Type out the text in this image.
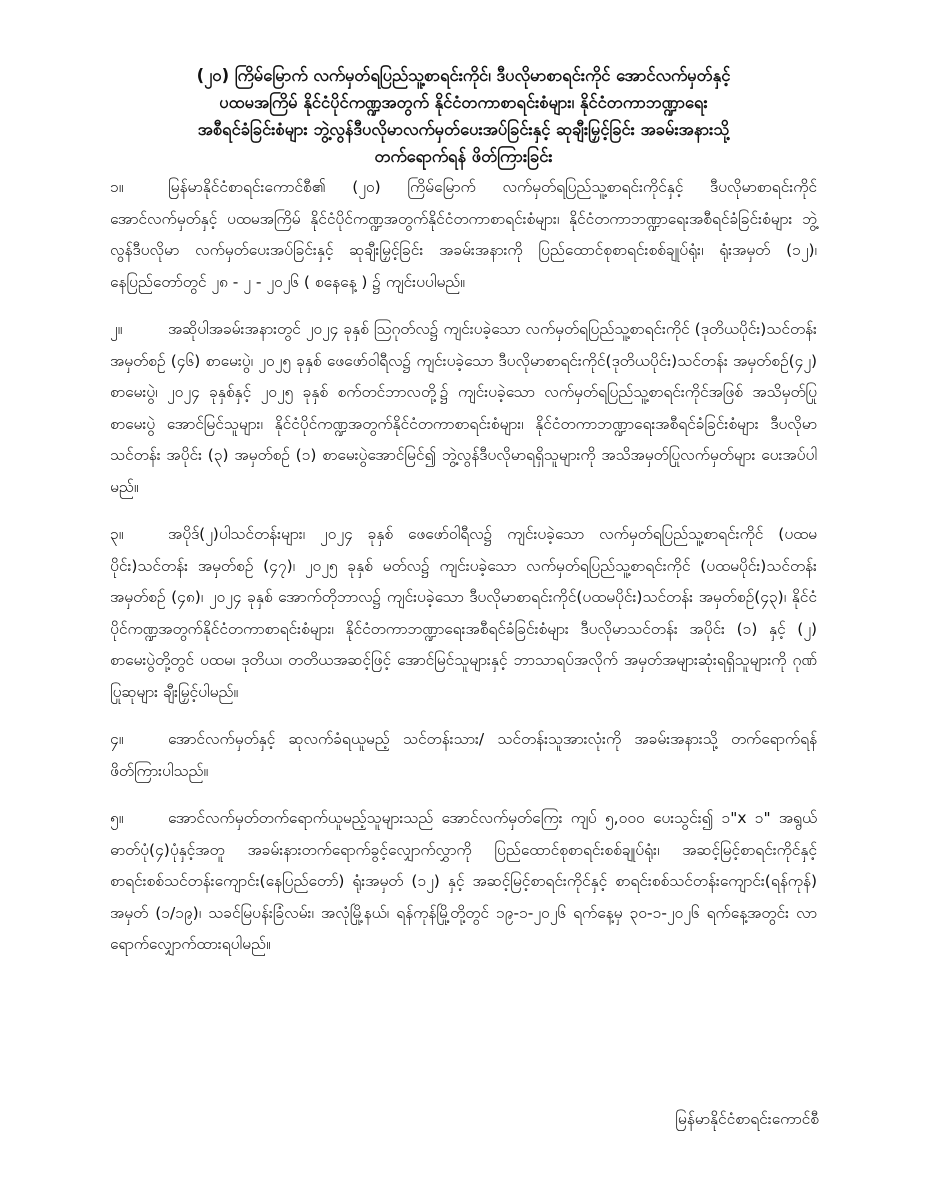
(၂၀) ကြိမ်မြောက် လက်မှတ်ရပြည်သူ့စာရင်းကိုင်၊ ဒီပလိုမာစာရင်းကိုင် အောင်လက်မှတ်နှင့်
ပထမအကြိမ် နိုင်ငံပိုင်ကဏ္ဍအတွက် နိုင်ငံတကာစာရင်းစံများ၊ နိုင်ငံတကာဘဏ္ဍာရေး
အစီရင်ခံခြင်းစံများ ဘွဲ့လွန်ဒီပလိုမာလက်မှတ်ပေးအပ်ခြင်းနှင့် ဆုချီးမြှင့်ခြင်း အခမ်းအနားသို့
တက်ရောက်ရန် ဖိတ်ကြားခြင်း

၁။	မြန်မာနိုင်ငံစာရင်းကောင်စီ၏ (၂၀) ကြိမ်မြောက် လက်မှတ်ရပြည်သူ့စာရင်းကိုင်နှင့် ဒီပလိုမာစာရင်းကိုင်အောင်လက်မှတ်နှင့် ပထမအကြိမ် နိုင်ငံပိုင်ကဏ္ဍအတွက်နိုင်ငံတကာစာရင်းစံများ၊ နိုင်ငံတကာဘဏ္ဍာရေးအစီရင်ခံခြင်းစံများ ဘွဲ့လွန်ဒီပလိုမာ လက်မှတ်ပေးအပ်ခြင်းနှင့် ဆုချီးမြှင့်ခြင်း အခမ်းအနားကို ပြည်ထောင်စုစာရင်းစစ်ချုပ်ရုံး၊ ရုံးအမှတ် (၁၂)၊ နေပြည်တော်တွင် ၂၈ - ၂ - ၂၀၂၆ ( စနေနေ့ ) ၌ ကျင်းပပါမည်။

၂။	အဆိုပါအခမ်းအနားတွင် ၂၀၂၄ ခုနှစ် ဩဂုတ်လ၌ ကျင်းပခဲ့သော လက်မှတ်ရပြည်သူ့စာရင်းကိုင် (ဒုတိယပိုင်း)သင်တန်း အမှတ်စဉ် (၄၆) စာမေးပွဲ၊ ၂၀၂၅ ခုနှစ် ဖေဖော်ဝါရီလ၌ ကျင်းပခဲ့သော ဒီပလိုမာစာရင်းကိုင်(ဒုတိယပိုင်း)သင်တန်း အမှတ်စဉ်(၄၂) စာမေးပွဲ၊ ၂၀၂၄ ခုနှစ်နှင့် ၂၀၂၅ ခုနှစ် စက်တင်ဘာလတို့၌ ကျင်းပခဲ့သော လက်မှတ်ရပြည်သူ့စာရင်းကိုင်အဖြစ် အသိမှတ်ပြုစာမေးပွဲ အောင်မြင်သူများ၊ နိုင်ငံပိုင်ကဏ္ဍအတွက်နိုင်ငံတကာစာရင်းစံများ၊ နိုင်ငံတကာဘဏ္ဍာရေးအစီရင်ခံခြင်းစံများ ဒီပလိုမာသင်တန်း အပိုင်း (၃) အမှတ်စဉ် (၁) စာမေးပွဲအောင်မြင်၍ ဘွဲ့လွန်ဒီပလိုမာရရှိသူများကို အသိအမှတ်ပြုလက်မှတ်များ ပေးအပ်ပါမည်။

၃။	အပိုဒ်(၂)ပါသင်တန်းများ၊ ၂၀၂၄ ခုနှစ် ဖေဖော်ဝါရီလ၌ ကျင်းပခဲ့သော လက်မှတ်ရပြည်သူ့စာရင်းကိုင် (ပထမပိုင်း)သင်တန်း အမှတ်စဉ် (၄၇)၊ ၂၀၂၅ ခုနှစ် မတ်လ၌ ကျင်းပခဲ့သော လက်မှတ်ရပြည်သူ့စာရင်းကိုင် (ပထမပိုင်း)သင်တန်း အမှတ်စဉ် (၄၈)၊ ၂၀၂၄ ခုနှစ် အောက်တိုဘာလ၌ ကျင်းပခဲ့သော ဒီပလိုမာစာရင်းကိုင်(ပထမပိုင်း)သင်တန်း အမှတ်စဉ်(၄၃)၊ နိုင်ငံပိုင်ကဏ္ဍအတွက်နိုင်ငံတကာစာရင်းစံများ၊ နိုင်ငံတကာဘဏ္ဍာရေးအစီရင်ခံခြင်းစံများ ဒီပလိုမာသင်တန်း အပိုင်း (၁) နှင့် (၂) စာမေးပွဲတို့တွင် ပထမ၊ ဒုတိယ၊ တတိယအဆင့်ဖြင့် အောင်မြင်သူများနှင့် ဘာသာရပ်အလိုက် အမှတ်အများဆုံးရရှိသူများကို ဂုဏ်ပြုဆုများ ချီးမြှင့်ပါမည်။

၄။	အောင်လက်မှတ်နှင့် ဆုလက်ခံရယူမည့် သင်တန်းသား/ သင်တန်းသူအားလုံးကို အခမ်းအနားသို့ တက်ရောက်ရန် ဖိတ်ကြားပါသည်။

၅။	အောင်လက်မှတ်တက်ရောက်ယူမည့်သူများသည် အောင်လက်မှတ်ကြေး ကျပ် ၅,၀၀၀ ပေးသွင်း၍ ၁"x ၁" အရွယ် ဓာတ်ပုံ(၄)ပုံနှင့်အတူ အခမ်းနားတက်ရောက်ခွင့်လျှောက်လွှာကို ပြည်ထောင်စုစာရင်းစစ်ချုပ်ရုံး၊ အဆင့်မြင့်စာရင်းကိုင်နှင့်စာရင်းစစ်သင်တန်းကျောင်း(နေပြည်တော်) ရုံးအမှတ် (၁၂) နှင့် အဆင့်မြင့်စာရင်းကိုင်နှင့် စာရင်းစစ်သင်တန်းကျောင်း(ရန်ကုန်) အမှတ် (၁/၁၉)၊ သခင်မြပန်းခြံလမ်း၊ အလုံမြို့နယ်၊ ရန်ကုန်မြို့တို့တွင် ၁၉-၁-၂၀၂၆ ရက်နေ့မှ ၃၀-၁-၂၀၂၆ ရက်နေ့အတွင်း လာရောက်လျှောက်ထားရပါမည်။

မြန်မာနိုင်ငံစာရင်းကောင်စီ
